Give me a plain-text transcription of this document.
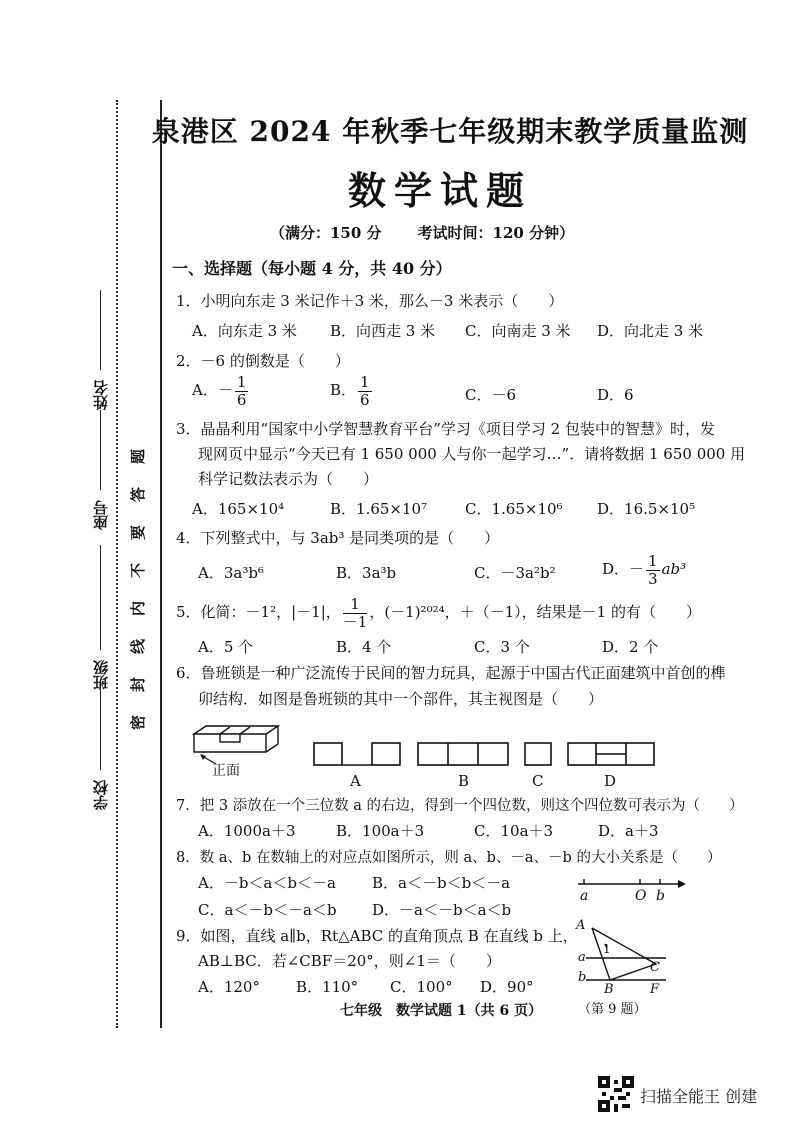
姓名
座号
班级
学校
密
封
线
内
不
要
答
题
泉港区 2024 年秋季七年级期末教学质量监测
数学试题
（满分：150 分 考试时间：120 分钟）
一、选择题（每小题 4 分，共 40 分）
1．小明向东走 3 米记作＋3 米，那么－3 米表示（　　）
A．向东走 3 米 B．向西走 3 米 C．向南走 3 米 D．向北走 3 米
2．－6 的倒数是（　　）
A．－ $\frac{1}{6}$	B． $\frac{1}{6}$	C．－6	D．6
3．晶晶利用“国家中小学智慧教育平台”学习《项目学习 2 包装中的智慧》时，发
现网页中显示“今天已有 1 650 000 人与你一起学习…”．请将数据 1 650 000 用
科学记数法表示为（　　）
A．165×10⁴	B．1.65×10⁷	C．1.65×10⁶ D．16.5×10⁵
4．下列整式中，与 3ab³ 是同类项的是（　　）
A．3a³b⁶	B．3a³b	C．－3a²b²	D．－ $\frac{1}{3} ab^3$
5．化简：－1²，|－1|， $\frac{1}{-1}$ ，(－1)²⁰²⁴，＋（－1），结果是－1 的有（　　）
A．5 个	B．4 个	C．3 个	D．2 个
6．鲁班锁是一种广泛流传于民间的智力玩具，起源于中国古代正面建筑中首创的榫
卯结构．如图是鲁班锁的其中一个部件，其主视图是（　　）
正面
A	B	C	D
7．把 3 添放在一个三位数 a 的右边，得到一个四位数，则这个四位数可表示为（　　）
A．1000a＋3	B．100a＋3	C．10a＋3	D．a＋3
8．数 a、b 在数轴上的对应点如图所示，则 a、b、－a、－b 的大小关系是（　　）
A．－b＜a＜b＜－a B．a＜－b＜b＜－a
C．a＜－b＜－a＜b D．－a＜－b＜a＜b
a	O b
9．如图，直线 a∥b，Rt△ABC 的直角顶点 B 在直线 b 上，
AB⊥BC．若∠CBF＝20°，则∠1＝（　　）
A．120° B．110° C．100° D．90°
A
1
a
b
C
B	F
（第 9 题）
七年级　数学试题 1（共 6 页）
扫描全能王 创建
